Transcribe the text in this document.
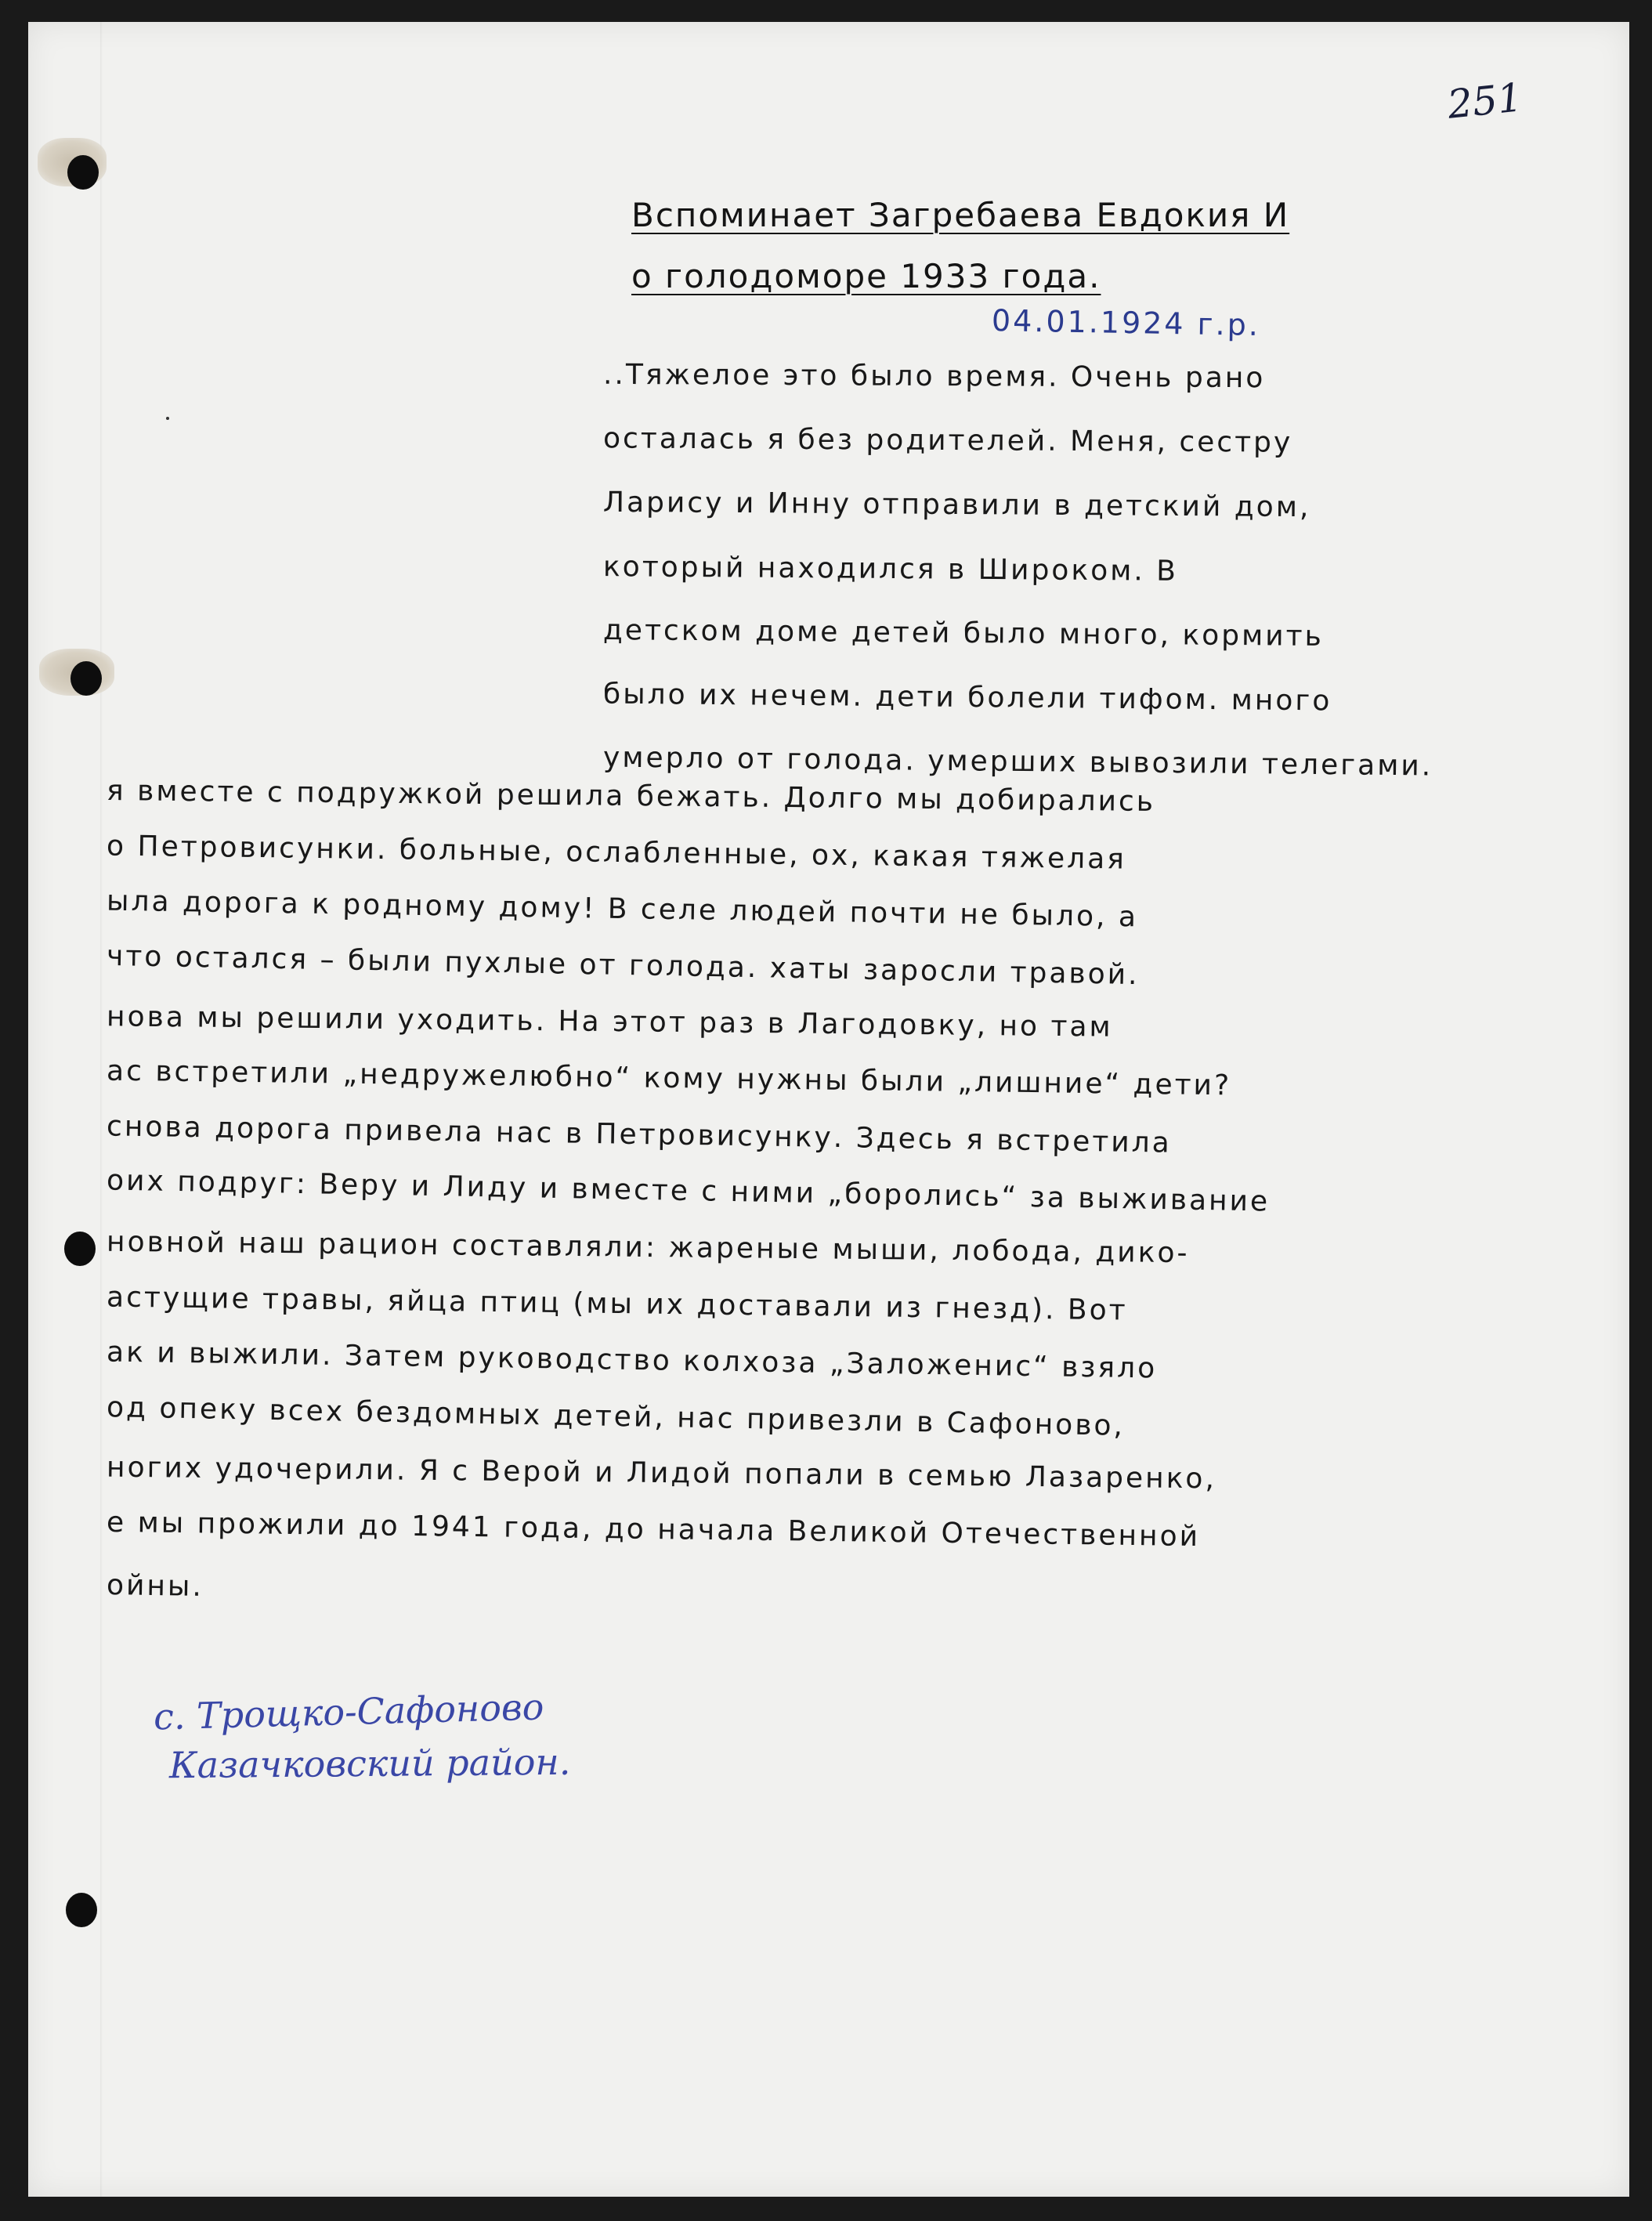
251
Вспоминает Загребаева Евдокия И
о голодоморе 1933 года.
04.01.1924 г.р.
..Тяжелое это было время. Очень рано
осталась я без родителей. Меня, сестру
Ларису и Инну отправили в детский дом,
который находился в Широком. В
детском доме детей было много, кормить
было их нечем. дети болели тифом. много
умерло от голода. умерших вывозили телегами.
я вместе с подружкой решила бежать. Долго мы добирались
о Петровисунки. больные, ослабленные, ох, какая тяжелая
ыла дорога к родному дому! В селе людей почти не было, а
что остался – были пухлые от голода. хаты заросли травой.
нова мы решили уходить. На этот раз в Лагодовку, но там
ас встретили „недружелюбно“ кому нужны были „лишние“ дети?
снова дорога привела нас в Петровисунку. Здесь я встретила
оих подруг: Веру и Лиду и вместе с ними „боролись“ за выживание
новной наш рацион составляли: жареные мыши, лобода, дико-
астущие травы, яйца птиц (мы их доставали из гнезд). Вот
ак и выжили. Затем руководство колхоза „Заложенис“ взяло
од опеку всех бездомных детей, нас привезли в Сафоново,
ногих удочерили. Я с Верой и Лидой попали в семью Лазаренко,
е мы прожили до 1941 года, до начала Великой Отечественной
ойны.
с. Трощко-Сафоново
Казачковский район.
